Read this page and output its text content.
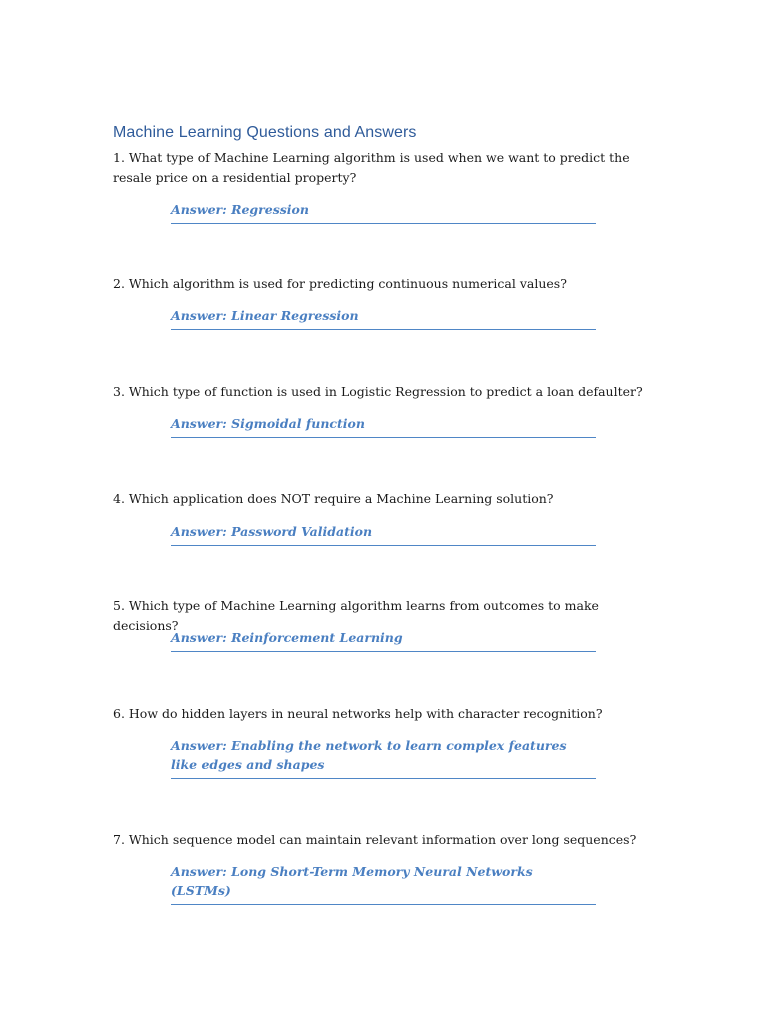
Machine Learning Questions and Answers

1. What type of Machine Learning algorithm is used when we want to predict the resale price on a residential property?

Answer: Regression

2. Which algorithm is used for predicting continuous numerical values?

Answer: Linear Regression

3. Which type of function is used in Logistic Regression to predict a loan defaulter?

Answer: Sigmoidal function

4. Which application does NOT require a Machine Learning solution?

Answer: Password Validation

5. Which type of Machine Learning algorithm learns from outcomes to make decisions?

Answer: Reinforcement Learning

6. How do hidden layers in neural networks help with character recognition?

Answer: Enabling the network to learn complex features like edges and shapes

7. Which sequence model can maintain relevant information over long sequences?

Answer: Long Short-Term Memory Neural Networks (LSTMs)
